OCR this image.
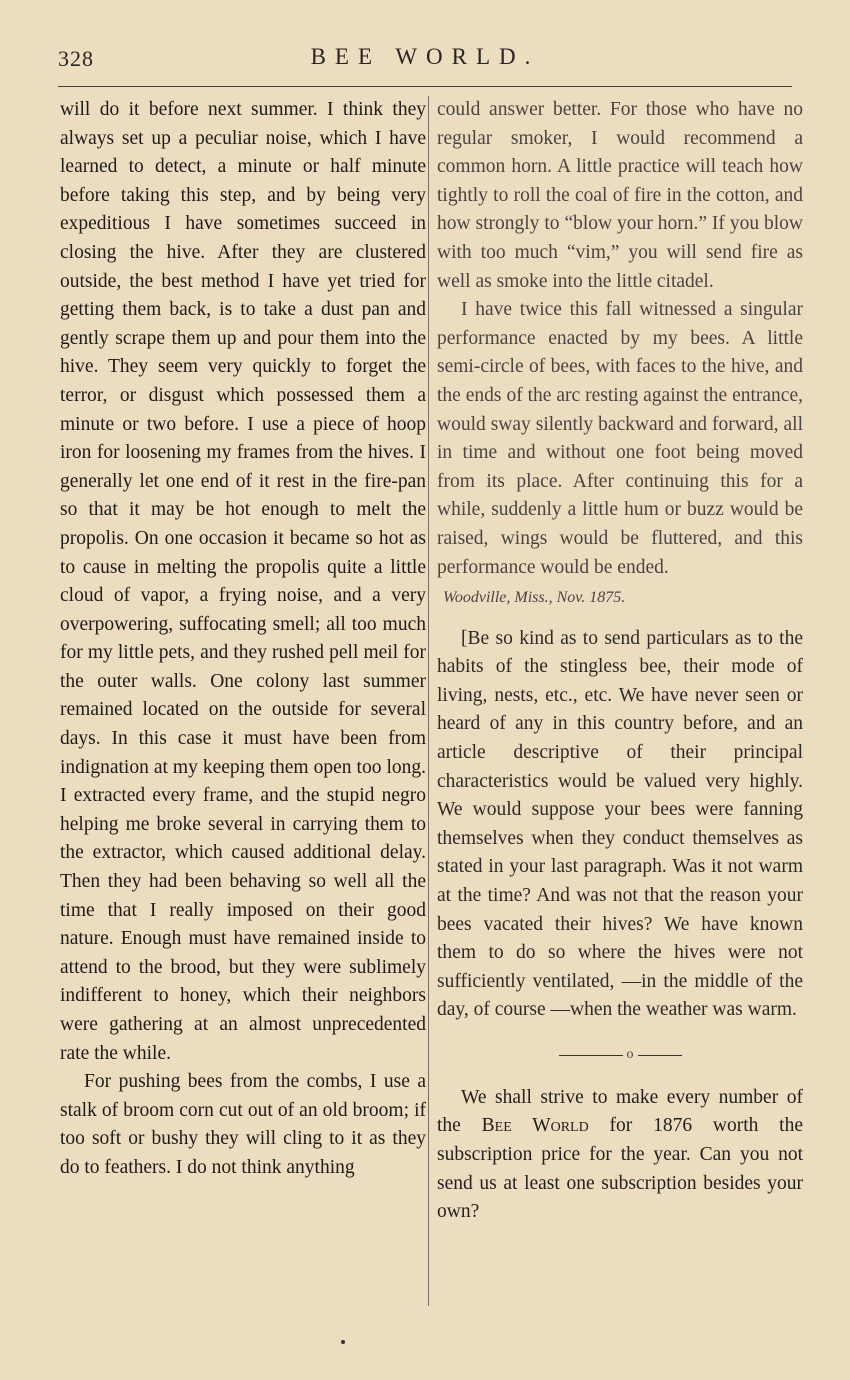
328	BEE WORLD.

will do it before next summer. I think they always set up a peculiar noise, which I have learned to detect, a minute or half minute before taking this step, and by being very expeditious I have sometimes succeed in closing the hive. After they are clustered outside, the best method I have yet tried for getting them back, is to take a dust pan and gently scrape them up and pour them into the hive. They seem very quickly to forget the terror, or disgust which possessed them a minute or two before. I use a piece of hoop iron for loosening my frames from the hives. I generally let one end of it rest in the fire-pan so that it may be hot enough to melt the propolis. On one occasion it became so hot as to cause in melting the propolis quite a little cloud of vapor, a frying noise, and a very overpowering, suffocating smell; all too much for my little pets, and they rushed pell meil for the outer walls. One colony last summer remained located on the outside for several days. In this case it must have been from indignation at my keeping them open too long. I extracted every frame, and the stupid negro helping me broke several in carrying them to the extractor, which caused additional delay. Then they had been behaving so well all the time that I really imposed on their good nature. Enough must have remained inside to attend to the brood, but they were sublimely indifferent to honey, which their neighbors were gathering at an almost unprecedented rate the while.

For pushing bees from the combs, I use a stalk of broom corn cut out of an old broom; if too soft or bushy they will cling to it as they do to feathers. I do not think anything

could answer better. For those who have no regular smoker, I would recommend a common horn. A little practice will teach how tightly to roll the coal of fire in the cotton, and how strongly to “blow your horn.” If you blow with too much “vim,” you will send fire as well as smoke into the little citadel.

I have twice this fall witnessed a singular performance enacted by my bees. A little semi-circle of bees, with faces to the hive, and the ends of the arc resting against the entrance, would sway silently backward and forward, all in time and without one foot being moved from its place. After continuing this for a while, suddenly a little hum or buzz would be raised, wings would be fluttered, and this performance would be ended.

Woodville, Miss., Nov. 1875.

[Be so kind as to send particulars as to the habits of the stingless bee, their mode of living, nests, etc., etc. We have never seen or heard of any in this country before, and an article descriptive of their principal characteristics would be valued very highly. We would suppose your bees were fanning themselves when they conduct themselves as stated in your last paragraph. Was it not warm at the time? And was not that the reason your bees vacated their hives? We have known them to do so where the hives were not sufficiently ventilated, —in the middle of the day, of course —when the weather was warm.

o

We shall strive to make every number of the Bee World for 1876 worth the subscription price for the year. Can you not send us at least one subscription besides your own?
